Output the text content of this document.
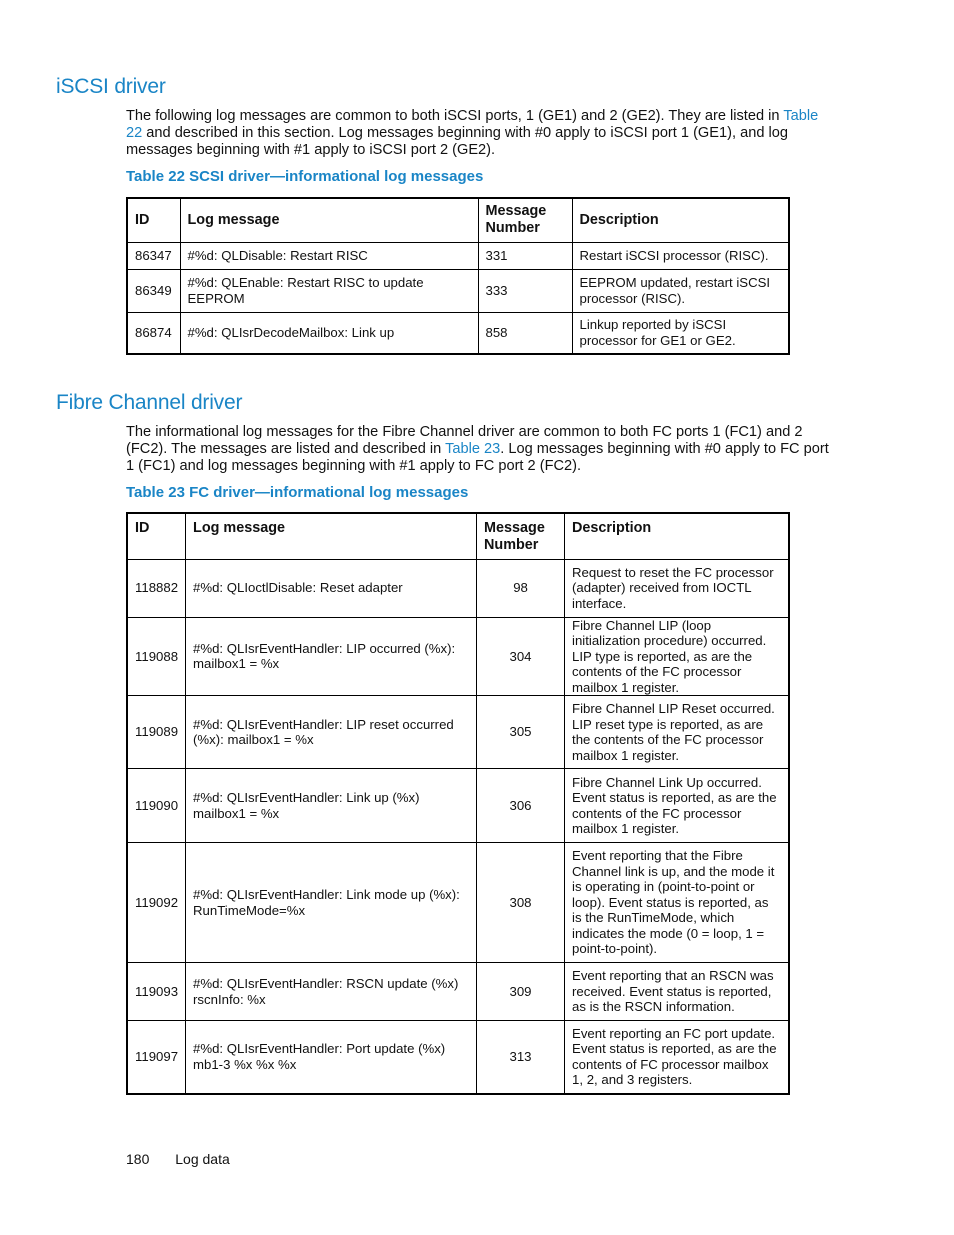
iSCSI driver

The following log messages are common to both iSCSI ports, 1 (GE1) and 2 (GE2). They are listed in Table 22 and described in this section. Log messages beginning with #0 apply to iSCSI port 1 (GE1), and log messages beginning with #1 apply to iSCSI port 2 (GE2).

Table 22 SCSI driver—informational log messages

ID	Log message	Message Number	Description
86347	#%d: QLDisable: Restart RISC	331	Restart iSCSI processor (RISC).
86349	#%d: QLEnable: Restart RISC to update EEPROM	333	EEPROM updated, restart iSCSI processor (RISC).
86874	#%d: QLIsrDecodeMailbox: Link up	858	Linkup reported by iSCSI processor for GE1 or GE2.
Fibre Channel driver

The informational log messages for the Fibre Channel driver are common to both FC ports 1 (FC1) and 2 (FC2). The messages are listed and described in Table 23. Log messages beginning with #0 apply to FC port 1 (FC1) and log messages beginning with #1 apply to FC port 2 (FC2).

Table 23 FC driver—informational log messages

ID	Log message	Message Number	Description
118882	#%d: QLIoctlDisable: Reset adapter	98	Request to reset the FC processor (adapter) received from IOCTL interface.
119088	#%d: QLIsrEventHandler: LIP occurred (%x): mailbox1 = %x	304	Fibre Channel LIP (loop initialization procedure) occurred. LIP type is reported, as are the contents of the FC processor mailbox 1 register.
119089	#%d: QLIsrEventHandler: LIP reset occurred (%x): mailbox1 = %x	305	Fibre Channel LIP Reset occurred. LIP reset type is reported, as are the contents of the FC processor mailbox 1 register.
119090	#%d: QLIsrEventHandler: Link up (%x) mailbox1 = %x	306	Fibre Channel Link Up occurred. Event status is reported, as are the contents of the FC processor mailbox 1 register.
119092	#%d: QLIsrEventHandler: Link mode up (%x): RunTimeMode=%x	308	Event reporting that the Fibre Channel link is up, and the mode it is operating in (point-to-point or loop). Event status is reported, as is the RunTimeMode, which indicates the mode (0 = loop, 1 = point-to-point).
119093	#%d: QLIsrEventHandler: RSCN update (%x) rscnInfo: %x	309	Event reporting that an RSCN was received. Event status is reported, as is the RSCN information.
119097	#%d: QLIsrEventHandler: Port update (%x) mb1-3 %x %x %x	313	Event reporting an FC port update. Event status is reported, as are the contents of FC processor mailbox 1, 2, and 3 registers.
180 Log data
